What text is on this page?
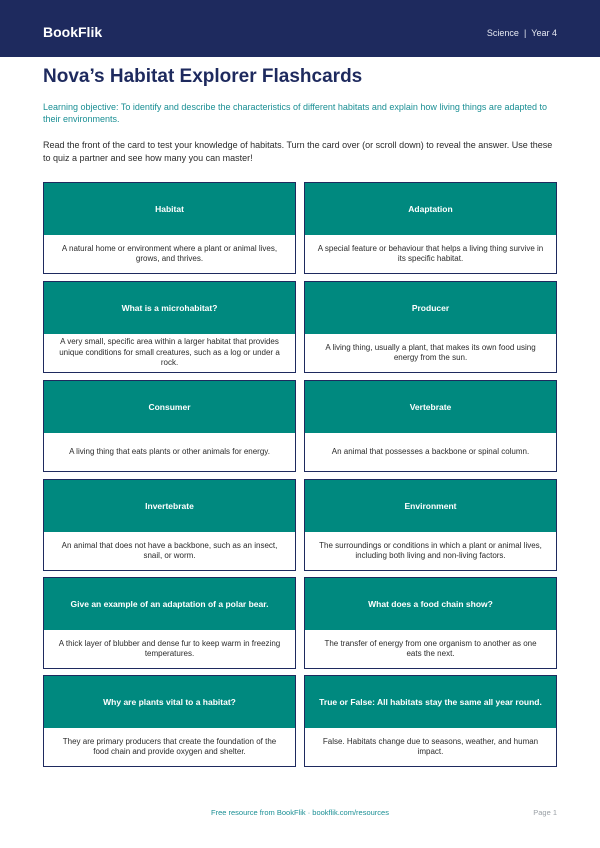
BookFlik	Science | Year 4
Nova’s Habitat Explorer Flashcards

Learning objective: To identify and describe the characteristics of different habitats and explain how living things are adapted to their environments.

Read the front of the card to test your knowledge of habitats. Turn the card over (or scroll down) to reveal the answer. Use these to quiz a partner and see how many you can master!

Habitat
A natural home or environment where a plant or animal lives, grows, and thrives.
Adaptation
A special feature or behaviour that helps a living thing survive in its specific habitat.
What is a microhabitat?
A very small, specific area within a larger habitat that provides unique conditions for small creatures, such as a log or under a rock.
Producer
A living thing, usually a plant, that makes its own food using energy from the sun.
Consumer
A living thing that eats plants or other animals for energy.
Vertebrate
An animal that possesses a backbone or spinal column.
Invertebrate
An animal that does not have a backbone, such as an insect, snail, or worm.
Environment
The surroundings or conditions in which a plant or animal lives, including both living and non-living factors.
Give an example of an adaptation of a polar bear.
A thick layer of blubber and dense fur to keep warm in freezing temperatures.
What does a food chain show?
The transfer of energy from one organism to another as one eats the next.
Why are plants vital to a habitat?
They are primary producers that create the foundation of the food chain and provide oxygen and shelter.
True or False: All habitats stay the same all year round.
False. Habitats change due to seasons, weather, and human impact.
Free resource from BookFlik · bookflik.com/resources	Page 1
